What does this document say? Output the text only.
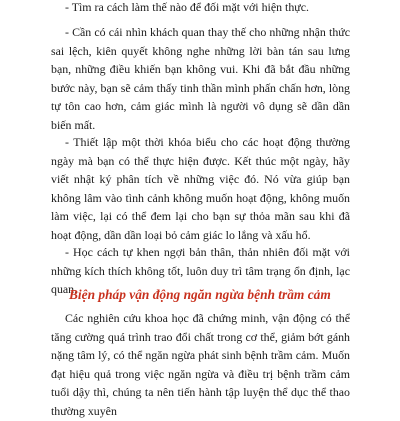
- Tìm ra cách làm thế nào để đối mặt với hiện thực.

- Cần có cái nhìn khách quan thay thế cho những nhận thức sai lệch, kiên quyết không nghe những lời bàn tán sau lưng bạn, những điều khiến bạn không vui. Khi đã bắt đầu những bước này, bạn sẽ cảm thấy tinh thần mình phấn chấn hơn, lòng tự tôn cao hơn, cảm giác mình là người vô dụng sẽ dần dần biến mất.

- Thiết lập một thời khóa biểu cho các hoạt động thường ngày mà bạn có thể thực hiện được. Kết thúc một ngày, hãy viết nhật ký phân tích về những việc đó. Nó vừa giúp bạn không lâm vào tình cảnh không muốn hoạt động, không muốn làm việc, lại có thể đem lại cho bạn sự thỏa mãn sau khi đã hoạt động, dần dần loại bỏ cảm giác lo lắng và xấu hổ.

- Học cách tự khen ngợi bản thân, thản nhiên đối mặt với những kích thích không tốt, luôn duy trì tâm trạng ổn định, lạc quan.

Biện pháp vận động ngăn ngừa bệnh trầm cảm

Các nghiên cứu khoa học đã chứng minh, vận động có thể tăng cường quá trình trao đổi chất trong cơ thể, giảm bớt gánh nặng tâm lý, có thể ngăn ngừa phát sinh bệnh trầm cảm. Muốn đạt hiệu quả trong việc ngăn ngừa và điều trị bệnh trầm cảm tuổi dậy thì, chúng ta nên tiến hành tập luyện thể dục thể thao thường xuyên
